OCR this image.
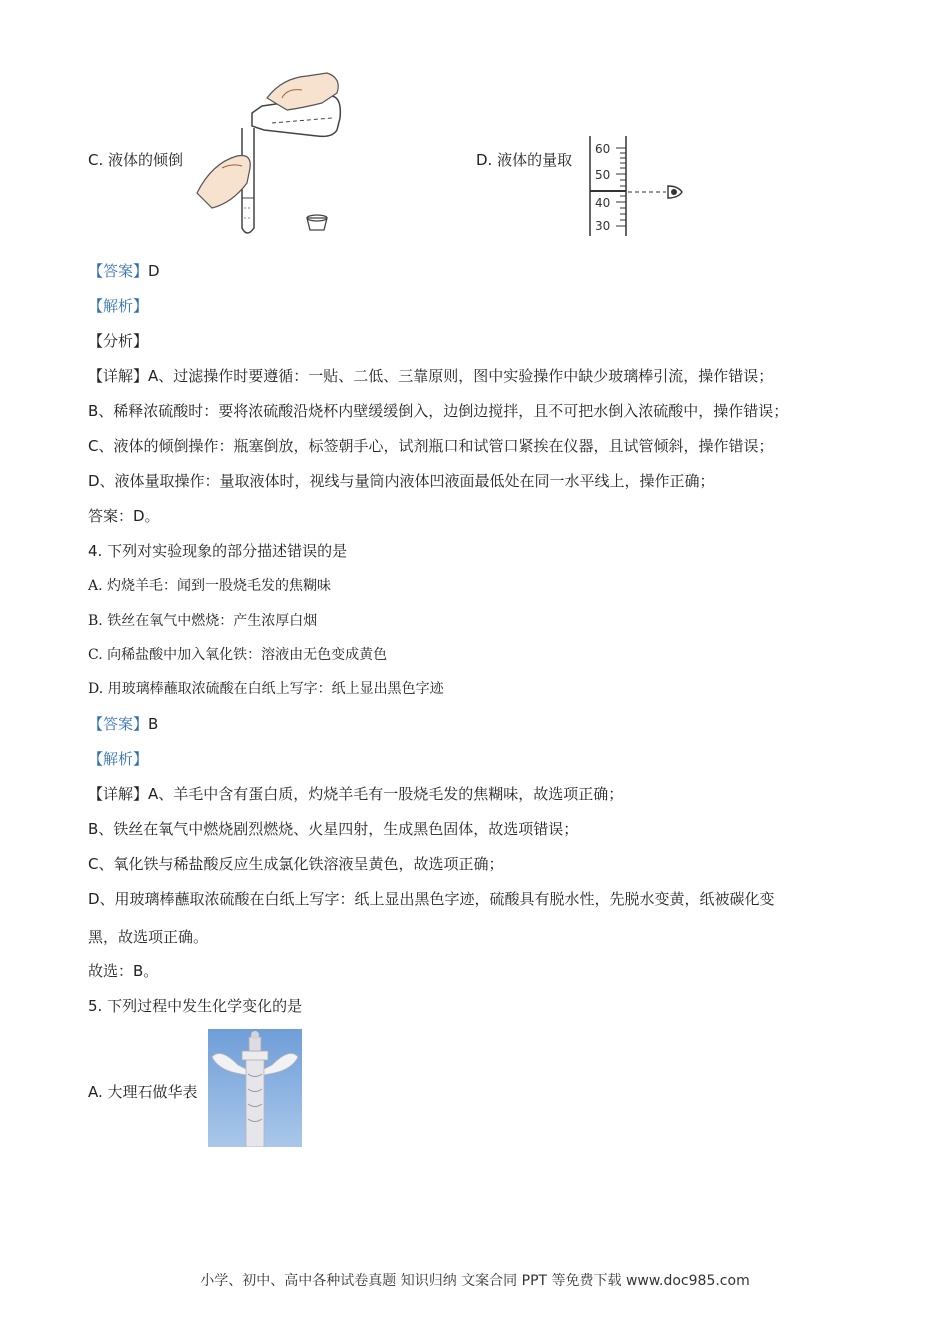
C. 液体的倾倒	D. 液体的量取
60
50
40
30
【答案】D
【解析】
【分析】
【详解】A、过滤操作时要遵循：一贴、二低、三靠原则，图中实验操作中缺少玻璃棒引流，操作错误；
B、稀释浓硫酸时：要将浓硫酸沿烧杯内壁缓缓倒入，边倒边搅拌，且不可把水倒入浓硫酸中，操作错误；
C、液体的倾倒操作：瓶塞倒放，标签朝手心，试剂瓶口和试管口紧挨在仪器，且试管倾斜，操作错误；
D、液体量取操作：量取液体时，视线与量筒内液体凹液面最低处在同一水平线上，操作正确；
答案：D。
4. 下列对实验现象的部分描述错误的是
A. 灼烧羊毛：闻到一股烧毛发的焦糊味
B. 铁丝在氧气中燃烧：产生浓厚白烟
C. 向稀盐酸中加入氧化铁：溶液由无色变成黄色
D. 用玻璃棒蘸取浓硫酸在白纸上写字：纸上显出黑色字迹
【答案】B
【解析】
【详解】A、羊毛中含有蛋白质，灼烧羊毛有一股烧毛发的焦糊味，故选项正确；
B、铁丝在氧气中燃烧剧烈燃烧、火星四射，生成黑色固体，故选项错误；
C、氧化铁与稀盐酸反应生成氯化铁溶液呈黄色，故选项正确；
D、用玻璃棒蘸取浓硫酸在白纸上写字：纸上显出黑色字迹，硫酸具有脱水性，先脱水变黄，纸被碳化变
黑，故选项正确。
故选：B。
5. 下列过程中发生化学变化的是
A. 大理石做华表
小学、初中、高中各种试卷真题 知识归纳 文案合同 PPT 等免费下载 www.doc985.com
